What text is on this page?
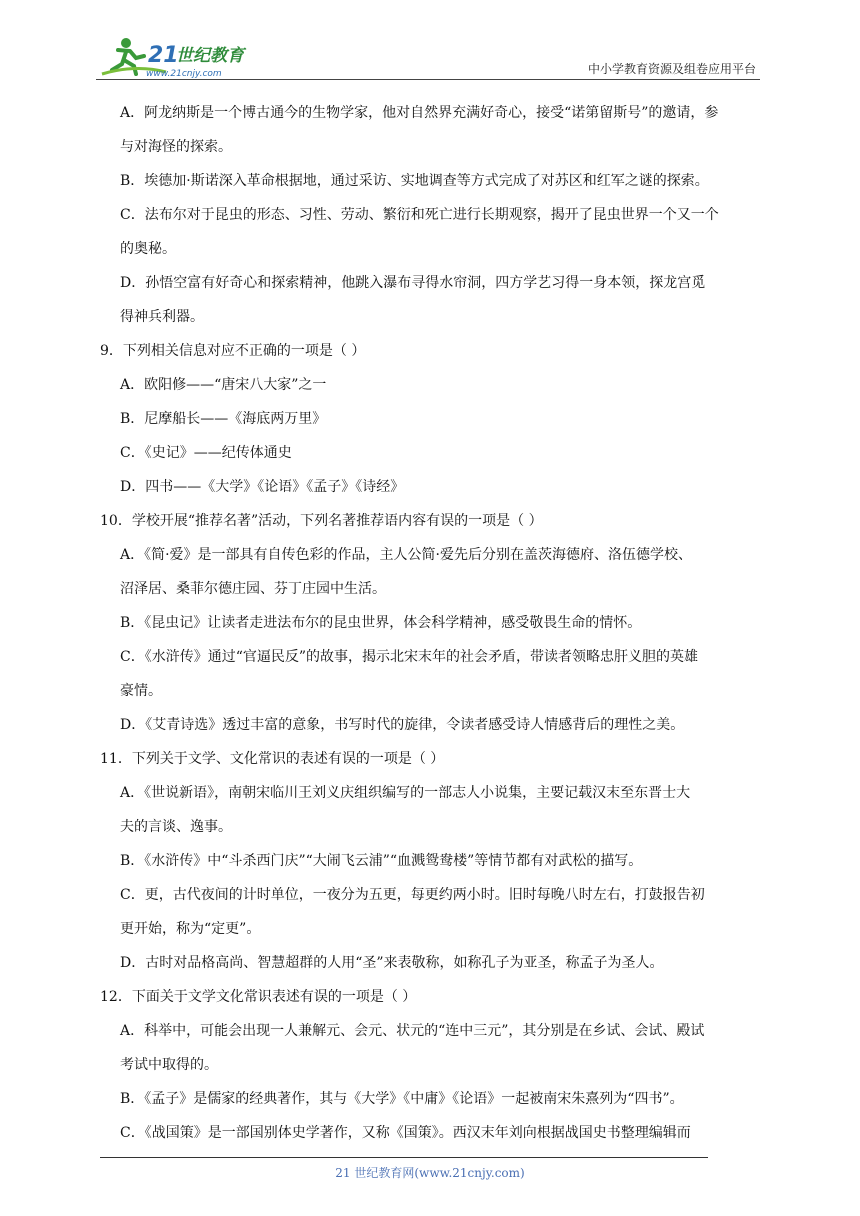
21
世纪教育
www.21cnjy.com	中小学教育资源及组卷应用平台
A．阿龙纳斯是一个博古通今的生物学家，他对自然界充满好奇心，接受“诺第留斯号”的邀请，参
与对海怪的探索。
B．埃德加·斯诺深入革命根据地，通过采访、实地调查等方式完成了对苏区和红军之谜的探索。
C．法布尔对于昆虫的形态、习性、劳动、繁衍和死亡进行长期观察，揭开了昆虫世界一个又一个
的奥秘。
D．孙悟空富有好奇心和探索精神，他跳入瀑布寻得水帘洞，四方学艺习得一身本领，探龙宫觅
得神兵利器。
9．下列相关信息对应不正确的一项是（ ）
A．欧阳修——“唐宋八大家”之一
B．尼摩船长——《海底两万里》
C．《史记》——纪传体通史
D．四书——《大学》《论语》《孟子》《诗经》
10．学校开展“推荐名著”活动，下列名著推荐语内容有误的一项是（ ）
A．《简·爱》是一部具有自传色彩的作品，主人公简·爱先后分别在盖茨海德府、洛伍德学校、
沼泽居、桑菲尔德庄园、芬丁庄园中生活。
B．《昆虫记》让读者走进法布尔的昆虫世界，体会科学精神，感受敬畏生命的情怀。
C．《水浒传》通过“官逼民反”的故事，揭示北宋末年的社会矛盾，带读者领略忠肝义胆的英雄
豪情。
D．《艾青诗选》透过丰富的意象，书写时代的旋律，令读者感受诗人情感背后的理性之美。
11．下列关于文学、文化常识的表述有误的一项是（ ）
A．《世说新语》，南朝宋临川王刘义庆组织编写的一部志人小说集，主要记载汉末至东晋士大
夫的言谈、逸事。
B．《水浒传》中“斗杀西门庆”“大闹飞云浦”“血溅鸳鸯楼”等情节都有对武松的描写。
C．更，古代夜间的计时单位，一夜分为五更，每更约两小时。旧时每晚八时左右，打鼓报告初
更开始，称为“定更”。
D．古时对品格高尚、智慧超群的人用“圣”来表敬称，如称孔子为亚圣，称孟子为圣人。
12．下面关于文学文化常识表述有误的一项是（ ）
A．科举中，可能会出现一人兼解元、会元、状元的“连中三元”，其分别是在乡试、会试、殿试
考试中取得的。
B．《孟子》是儒家的经典著作，其与《大学》《中庸》《论语》一起被南宋朱熹列为“四书”。
C．《战国策》是一部国别体史学著作，又称《国策》。西汉末年刘向根据战国史书整理编辑而
21 世纪教育网(www.21cnjy.com)
